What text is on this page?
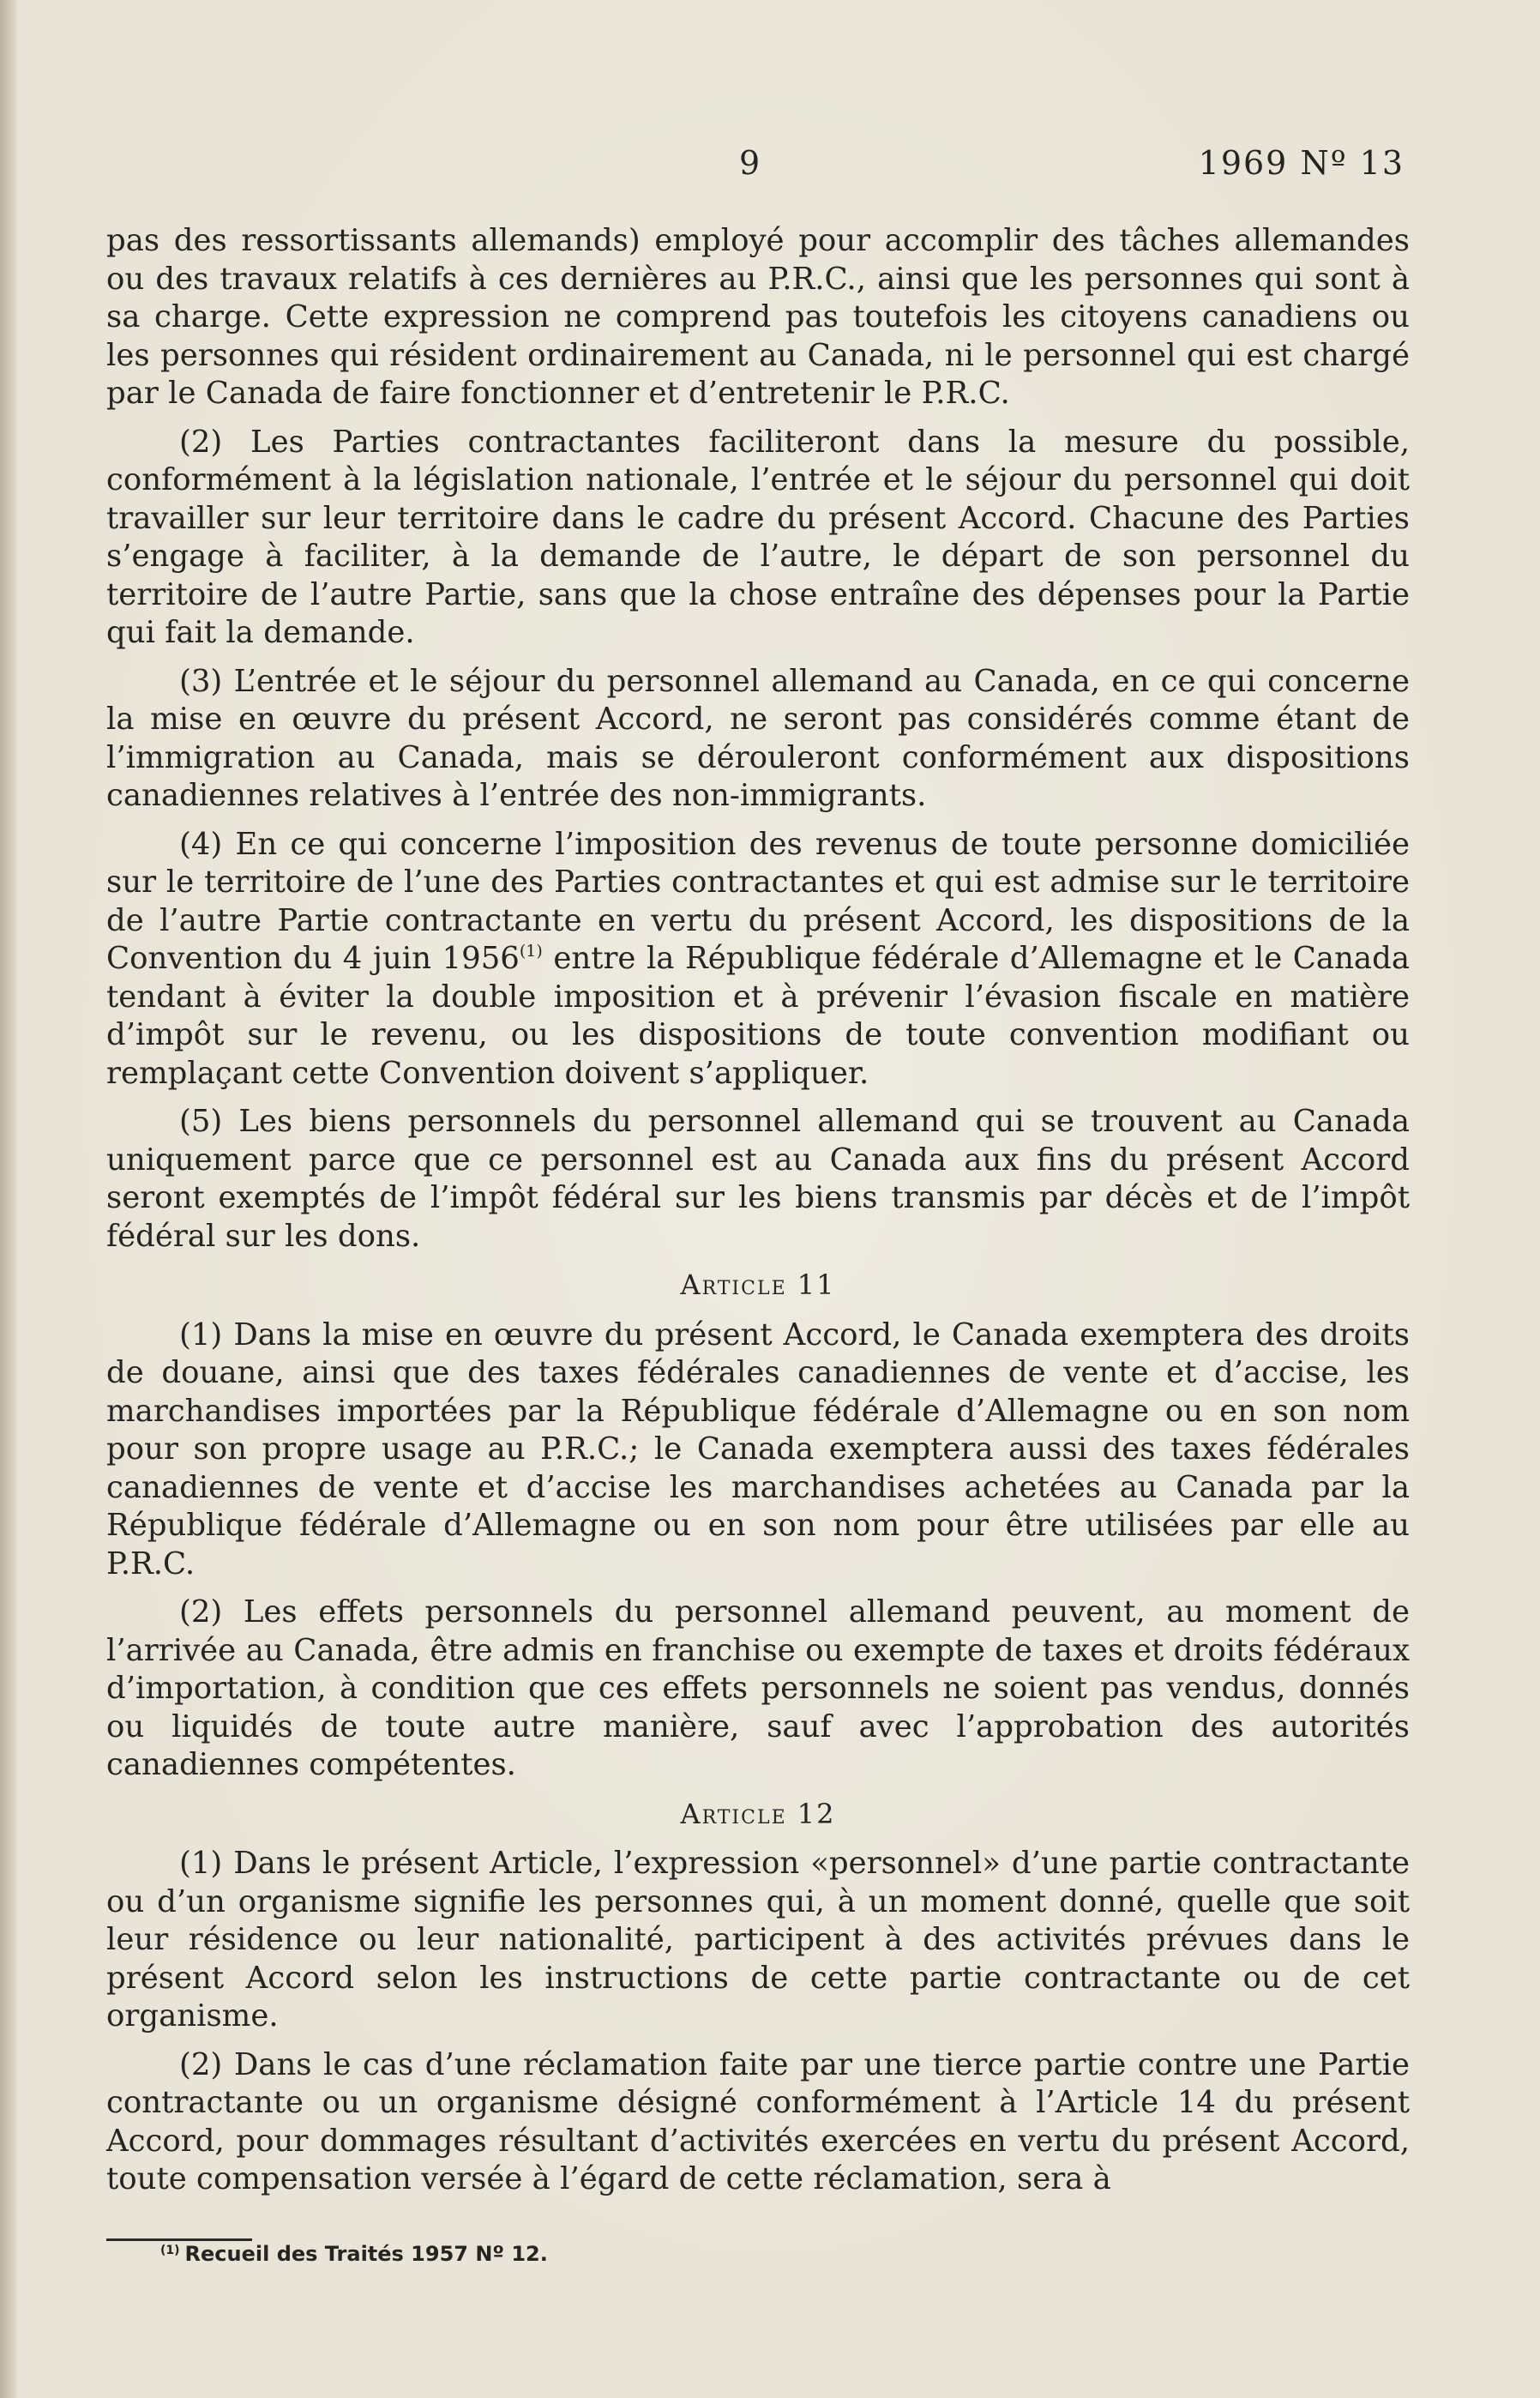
9	1969 Nº 13

pas des ressortissants allemands) employé pour accomplir des tâches allemandes ou des travaux relatifs à ces dernières au P.R.C., ainsi que les personnes qui sont à sa charge. Cette expression ne comprend pas toutefois les citoyens canadiens ou les personnes qui résident ordinairement au Canada, ni le personnel qui est chargé par le Canada de faire fonctionner et d’entretenir le P.R.C.

(2) Les Parties contractantes faciliteront dans la mesure du possible, conformément à la législation nationale, l’entrée et le séjour du personnel qui doit travailler sur leur territoire dans le cadre du présent Accord. Chacune des Parties s’engage à faciliter, à la demande de l’autre, le départ de son personnel du territoire de l’autre Partie, sans que la chose entraîne des dépenses pour la Partie qui fait la demande.

(3) L’entrée et le séjour du personnel allemand au Canada, en ce qui concerne la mise en œuvre du présent Accord, ne seront pas considérés comme étant de l’immigration au Canada, mais se dérouleront conformément aux dispositions canadiennes relatives à l’entrée des non-immigrants.

(4) En ce qui concerne l’imposition des revenus de toute personne domiciliée sur le territoire de l’une des Parties contractantes et qui est admise sur le territoire de l’autre Partie contractante en vertu du présent Accord, les dispositions de la Convention du 4 juin 1956$^{(1)}$ entre la République fédérale d’Allemagne et le Canada tendant à éviter la double imposition et à prévenir l’évasion fiscale en matière d’impôt sur le revenu, ou les dispositions de toute convention modifiant ou remplaçant cette Convention doivent s’appliquer.

(5) Les biens personnels du personnel allemand qui se trouvent au Canada uniquement parce que ce personnel est au Canada aux fins du présent Accord seront exemptés de l’impôt fédéral sur les biens transmis par décès et de l’impôt fédéral sur les dons.

Article 11

(1) Dans la mise en œuvre du présent Accord, le Canada exemptera des droits de douane, ainsi que des taxes fédérales canadiennes de vente et d’accise, les marchandises importées par la République fédérale d’Allemagne ou en son nom pour son propre usage au P.R.C.; le Canada exemptera aussi des taxes fédérales canadiennes de vente et d’accise les marchandises achetées au Canada par la République fédérale d’Allemagne ou en son nom pour être utilisées par elle au P.R.C.

(2) Les effets personnels du personnel allemand peuvent, au moment de l’arrivée au Canada, être admis en franchise ou exempte de taxes et droits fédéraux d’importation, à condition que ces effets personnels ne soient pas vendus, donnés ou liquidés de toute autre manière, sauf avec l’approbation des autorités canadiennes compétentes.

Article 12

(1) Dans le présent Article, l’expression «personnel» d’une partie contractante ou d’un organisme signifie les personnes qui, à un moment donné, quelle que soit leur résidence ou leur nationalité, participent à des activités prévues dans le présent Accord selon les instructions de cette partie contractante ou de cet organisme.

(2) Dans le cas d’une réclamation faite par une tierce partie contre une Partie contractante ou un organisme désigné conformément à l’Article 14 du présent Accord, pour dommages résultant d’activités exercées en vertu du présent Accord, toute compensation versée à l’égard de cette réclamation, sera à

$^{(1)}$ Recueil des Traités 1957 Nº 12.
